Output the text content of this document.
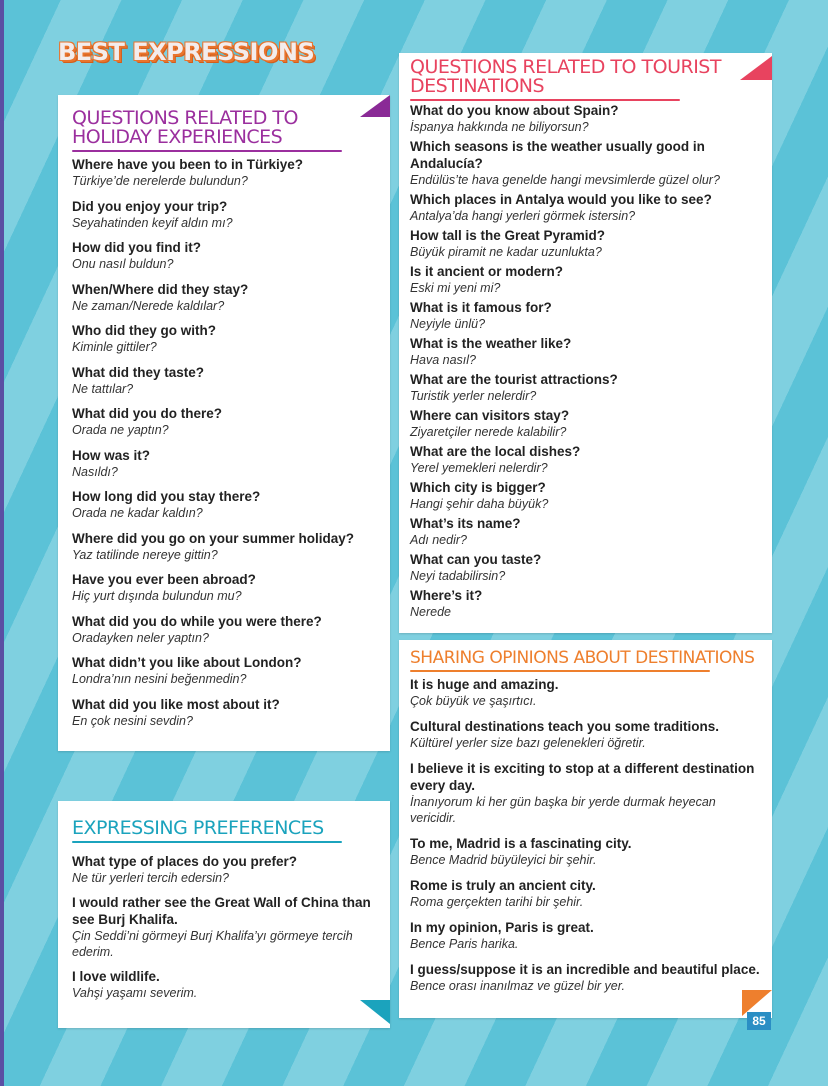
BEST EXPRESSIONS
QUESTIONS RELATED TO
HOLIDAY EXPERIENCES
Where have you been to in Türkiye?
Türkiye’de nerelerde bulundun?
Did you enjoy your trip?
Seyahatinden keyif aldın mı?
How did you find it?
Onu nasıl buldun?
When/Where did they stay?
Ne zaman/Nerede kaldılar?
Who did they go with?
Kiminle gittiler?
What did they taste?
Ne tattılar?
What did you do there?
Orada ne yaptın?
How was it?
Nasıldı?
How long did you stay there?
Orada ne kadar kaldın?
Where did you go on your summer holiday?
Yaz tatilinde nereye gittin?
Have you ever been abroad?
Hiç yurt dışında bulundun mu?
What did you do while you were there?
Oradayken neler yaptın?
What didn’t you like about London?
Londra’nın nesini beğenmedin?
What did you like most about it?
En çok nesini sevdin?
QUESTIONS RELATED TO TOURIST
DESTINATIONS
What do you know about Spain?
İspanya hakkında ne biliyorsun?
Which seasons is the weather usually good in Andalucía?
Endülüs’te hava genelde hangi mevsimlerde güzel olur?
Which places in Antalya would you like to see?
Antalya’da hangi yerleri görmek istersin?
How tall is the Great Pyramid?
Büyük piramit ne kadar uzunlukta?
Is it ancient or modern?
Eski mi yeni mi?
What is it famous for?
Neyiyle ünlü?
What is the weather like?
Hava nasıl?
What are the tourist attractions?
Turistik yerler nelerdir?
Where can visitors stay?
Ziyaretçiler nerede kalabilir?
What are the local dishes?
Yerel yemekleri nelerdir?
Which city is bigger?
Hangi şehir daha büyük?
What’s its name?
Adı nedir?
What can you taste?
Neyi tadabilirsin?
Where’s it?
Nerede
SHARING OPINIONS ABOUT DESTINATIONS
It is huge and amazing.
Çok büyük ve şaşırtıcı.
Cultural destinations teach you some traditions.
Kültürel yerler size bazı gelenekleri öğretir.
I believe it is exciting to stop at a different destination every day.
İnanıyorum ki her gün başka bir yerde durmak heyecan vericidir.
To me, Madrid is a fascinating city.
Bence Madrid büyüleyici bir şehir.
Rome is truly an ancient city.
Roma gerçekten tarihi bir şehir.
In my opinion, Paris is great.
Bence Paris harika.
I guess/suppose it is an incredible and beautiful place.
Bence orası inanılmaz ve güzel bir yer.
85
EXPRESSING PREFERENCES
What type of places do you prefer?
Ne tür yerleri tercih edersin?
I would rather see the Great Wall of China than see Burj Khalifa.
Çin Seddi’ni görmeyi Burj Khalifa’yı görmeye tercih ederim.
I love wildlife.
Vahşi yaşamı severim.
